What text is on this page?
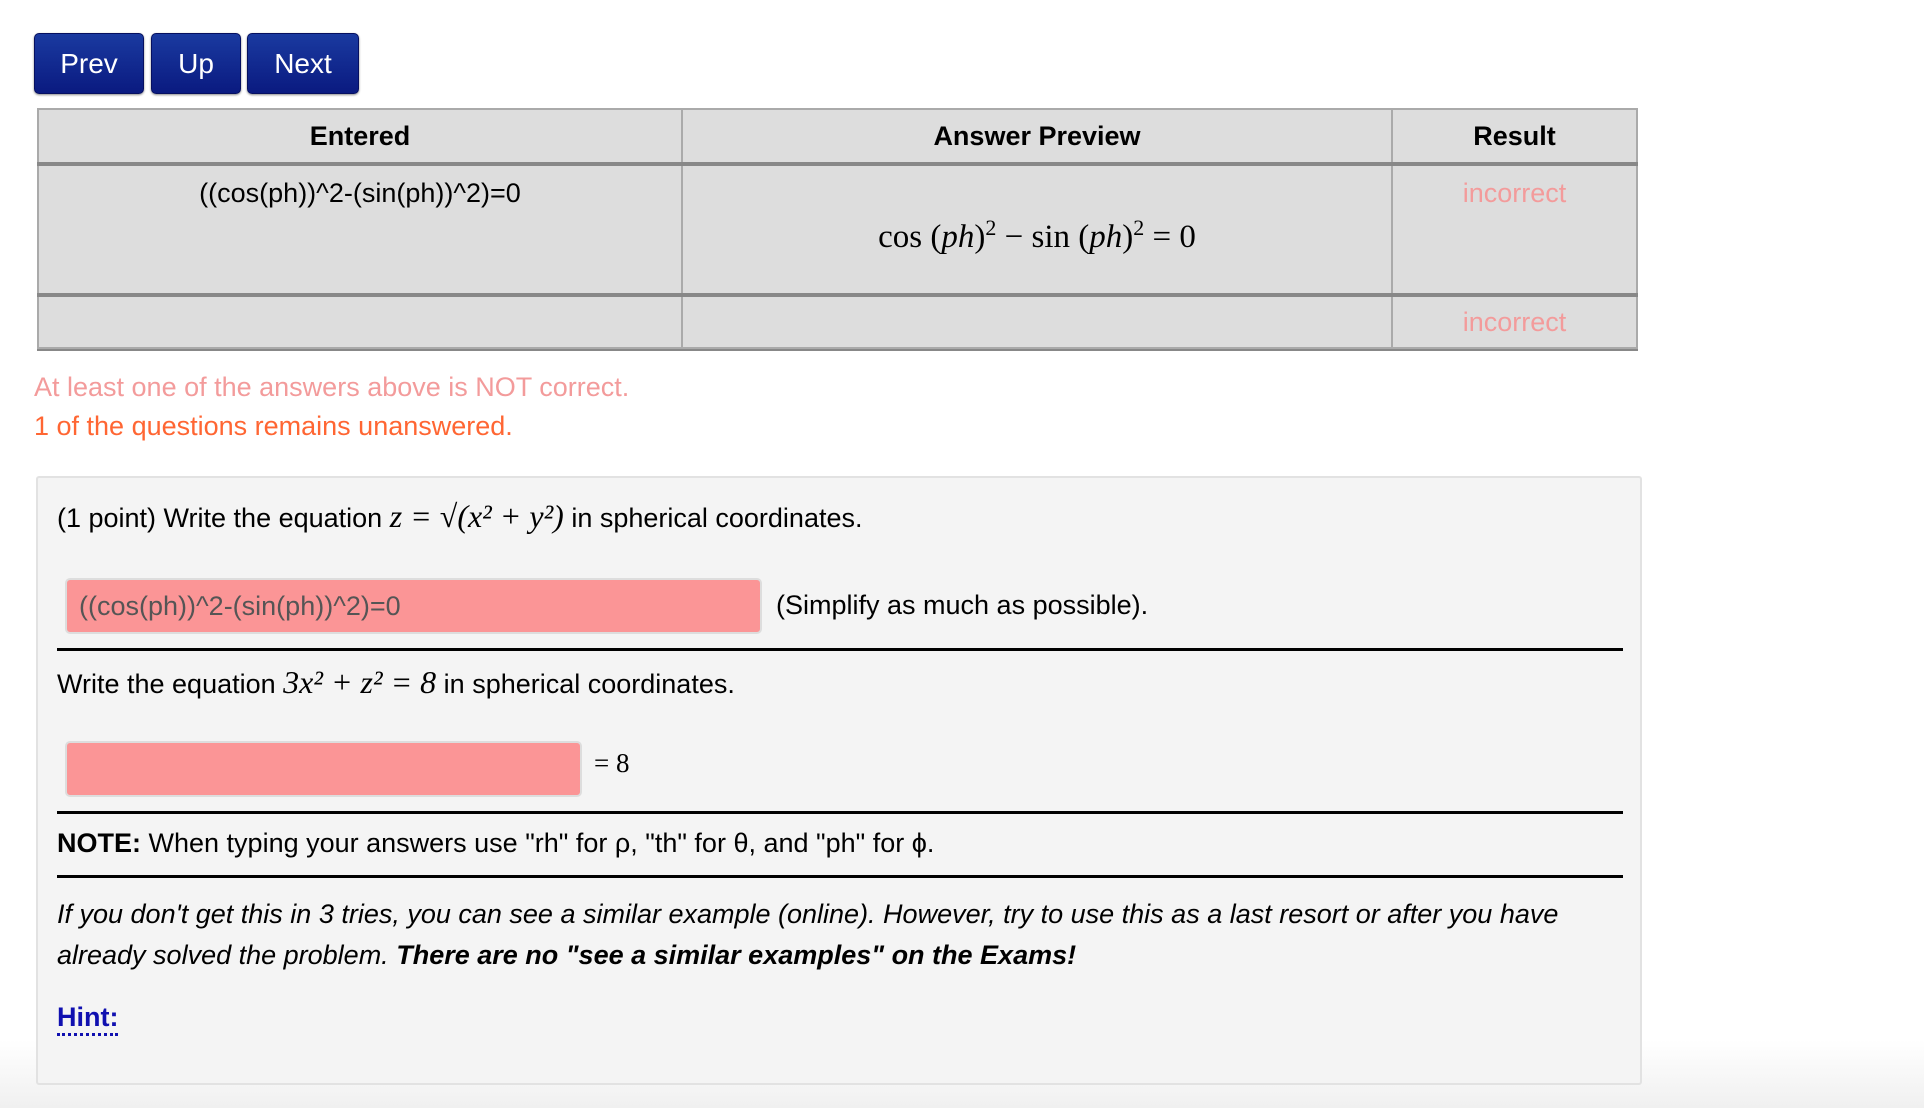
Prev	Up	Next
Entered	Answer Preview	Result
((cos(ph))^2-(sin(ph))^2)=0	cos (ph)$^2$ − sin (ph)$^2$ = 0	incorrect
		incorrect
At least one of the answers above is NOT correct.
1 of the questions remains unanswered.
(1 point) Write the equation z = √(x² + y²) in spherical coordinates.
((cos(ph))^2-(sin(ph))^2)=0	(Simplify as much as possible).
Write the equation 3x² + z² = 8 in spherical coordinates.
= 8
NOTE: When typing your answers use "rh" for ρ, "th" for θ, and "ph" for ϕ.
If you don't get this in 3 tries, you can see a similar example (online). However, try to use this as a last resort or after you have already solved the problem. There are no "see a similar examples" on the Exams!
Hint:
